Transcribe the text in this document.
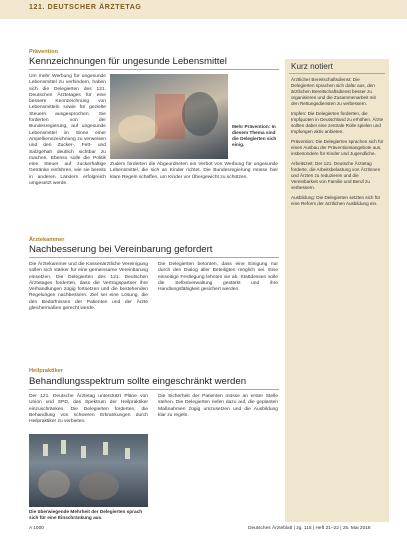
121. DEUTSCHER ÄRZTETAG
Prävention
Kennzeichnungen für ungesunde Lebensmittel

Um mehr Werbung für ungesunde Lebensmittel zu verhindern, haben sich die Delegierten des 121. Deutschen Ärztetages für eine bessere Kennzeichnung von Lebensmitteln sowie für gezielte Steuern ausgesprochen. Sie forderten von der Bundesregierung, auf ungesunde Lebensmittel im Sinne einer Ampelkennzeichnung zu verweisen und den Zucker-, Fett- und Salzgehalt deutlich sichtbar zu machen. Ebenso solle die Politik eine Steuer auf zuckerhaltige Getränke einführen, wie sie bereits in anderen Ländern erfolgreich umgesetzt werde.

Mehr Prävention: In diesem Thema sind die Delegierten sich einig.

Zudem forderten die Abgeordneten ein Verbot von Werbung für ungesunde Lebensmittel, die sich an Kinder richtet. Die Bundesregierung müsse hier klare Regeln schaffen, um Kinder vor Übergewicht zu schützen.

Ärztekammer
Nachbesserung bei Vereinbarung gefordert

Die Ärztekammer und die Kassenärztliche Vereinigung sollen sich stärker für eine gemeinsame Vereinbarung einsetzen. Die Delegierten des 121. Deutschen Ärztetages forderten, dass die Vertragspartner ihre Verhandlungen zügig fortsetzen und die bestehenden Regelungen nachbessern. Ziel sei eine Lösung, die den Bedürfnissen der Patienten und der Ärzte gleichermaßen gerecht werde.

Die Delegierten betonten, dass eine Einigung nur durch den Dialog aller Beteiligten möglich sei. Eine einseitige Festlegung lehnten sie ab. Stattdessen solle die Selbstverwaltung gestärkt und ihre Handlungsfähigkeit gesichert werden.

Heilpraktiker
Behandlungsspektrum sollte eingeschränkt werden

Der 121. Deutsche Ärztetag unterstützt Pläne von Union und SPD, das Spektrum der Heilpraktiker einzuschränken. Die Delegierten forderten, die Behandlung von schweren Erkrankungen durch Heilpraktiker zu verbieten.

Die Sicherheit der Patienten müsse an erster Stelle stehen. Die Delegierten riefen dazu auf, die geplanten Maßnahmen zügig umzusetzen und die Ausbildung klar zu regeln.

Die überwiegende Mehrheit der Delegierten sprach sich für eine Einschränkung aus.
Kurz notiert

Ärztlicher Bereitschaftsdienst: Die Delegierten sprachen sich dafür aus, den ärztlichen Bereitschaftsdienst besser zu organisieren und die Zusammenarbeit mit den Rettungsdiensten zu verbessern.

Impfen: Die Delegierten forderten, die Impfquoten in Deutschland zu erhöhen. Ärzte sollten dabei eine zentrale Rolle spielen und Impfungen aktiv anbieten.

Prävention: Die Delegierten sprachen sich für einen Ausbau der Präventionsangebote aus, insbesondere für Kinder und Jugendliche.

Arbeitszeit: Der 121. Deutsche Ärztetag forderte, die Arbeitsbelastung von Ärztinnen und Ärzten zu reduzieren und die Vereinbarkeit von Familie und Beruf zu verbessern.

Ausbildung: Die Delegierten setzten sich für eine Reform der ärztlichen Ausbildung ein.

A 1000	Deutsches Ärzteblatt | Jg. 115 | Heft 21–22 | 25. Mai 2018
